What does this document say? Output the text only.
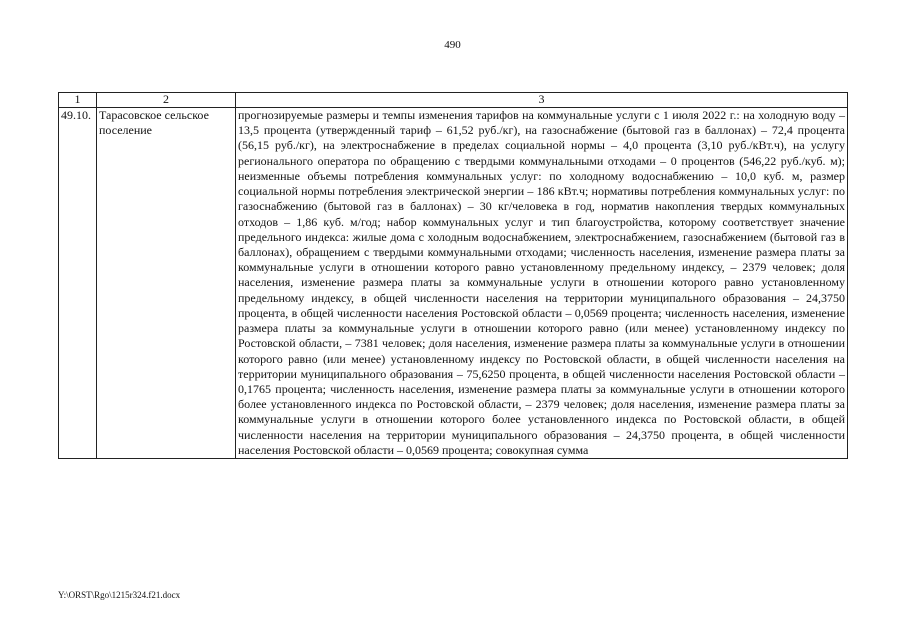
490
1	2	3
49.10.	Тарасовское сельское поселение	прогнозируемые размеры и темпы изменения тарифов на коммунальные услуги с 1 июля 2022 г.: на холодную воду – 13,5 процента (утвержденный тариф – 61,52 руб./кг), на газоснабжение (бытовой газ в баллонах) – 72,4 процента (56,15 руб./кг), на электроснабжение в пределах социальной нормы – 4,0 процента (3,10 руб./кВт.ч), на услугу регионального оператора по обращению с твердыми коммунальными отходами – 0 процентов (546,22 руб./куб. м); неизменные объемы потребления коммунальных услуг: по холодному водоснабжению – 10,0 куб. м, размер социальной нормы потребления электрической энергии – 186 кВт.ч; нормативы потребления коммунальных услуг: по газоснабжению (бытовой газ в баллонах) – 30 кг/человека в год, норматив накопления твердых коммунальных отходов – 1,86 куб. м/год; набор коммунальных услуг и тип благоустройства, которому соответствует значение предельного индекса: жилые дома с холодным водоснабжением, электроснабжением, газоснабжением (бытовой газ в баллонах), обращением с твердыми коммунальными отходами; численность населения, изменение размера платы за коммунальные услуги в отношении которого равно установленному предельному индексу, – 2379 человек; доля населения, изменение размера платы за коммунальные услуги в отношении которого равно установленному предельному индексу, в общей численности населения на территории муниципального образования – 24,3750 процента, в общей численности населения Ростовской области – 0,0569 процента; численность населения, изменение размера платы за коммунальные услуги в отношении которого равно (или менее) установленному индексу по Ростовской области, – 7381 человек; доля населения, изменение размера платы за коммунальные услуги в отношении которого равно (или менее) установленному индексу по Ростовской области, в общей численности населения на территории муниципального образования – 75,6250 процента, в общей численности населения Ростовской области – 0,1765 процента; численность населения, изменение размера платы за коммунальные услуги в отношении которого более установленного индекса по Ростовской области, – 2379 человек; доля населения, изменение размера платы за коммунальные услуги в отношении которого более установленного индекса по Ростовской области, в общей численности населения на территории муниципального образования – 24,3750 процента, в общей численности населения Ростовской области – 0,0569 процента; совокупная сумма
Y:\ORST\Rgo\1215r324.f21.docx
